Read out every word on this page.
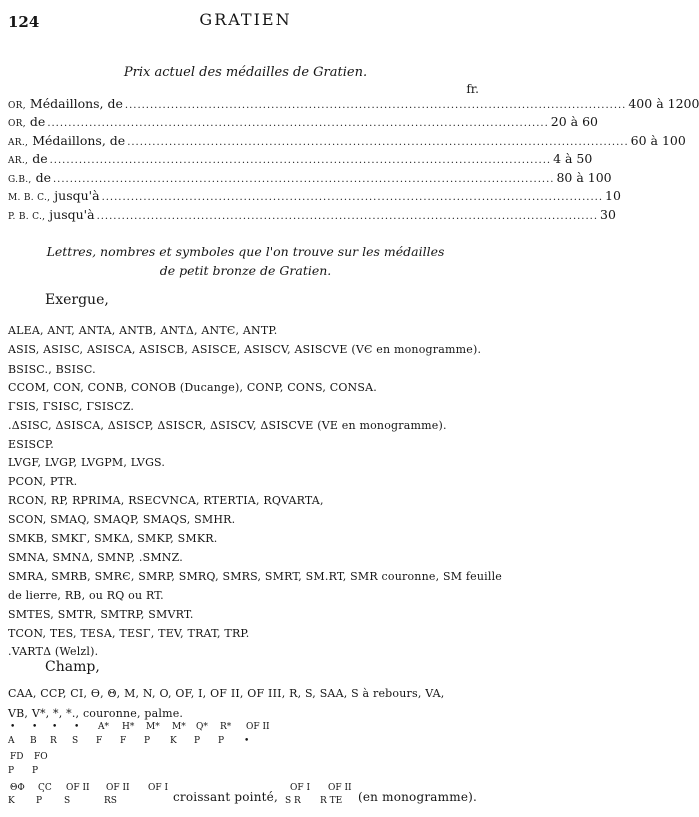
124	GRATIEN
Prix actuel des médailles de Gratien.
fr.
OR, Médaillons, de ........................................................................................................................ 400 à 1200
OR, de ........................................................................................................................ 20 à 60
AR., Médaillons, de ........................................................................................................................ 60 à 100
AR., de ........................................................................................................................ 4 à 50
G.B., de ........................................................................................................................ 80 à 100
M. B. C., jusqu'à ........................................................................................................................ 10
P. B. C., jusqu'à ........................................................................................................................ 30
Lettres, nombres et symboles que l'on trouve sur les médailles
de petit bronze de Gratien.
Exergue,
ALEA, ANT, ANTA, ANTB, ANTΔ, ANTЄ, ANTP.
ASIS, ASISC, ASISCA, ASISCB, ASISCE, ASISCV, ASISCVE (VЄ en monogramme).
BSISC., BSISC.
CCOM, CON, CONB, CONOB (Ducange), CONP, CONS, CONSA.
ΓSIS, ΓSISC, ΓSISCZ.
.ΔSISC, ΔSISCA, ΔSISCP, ΔSISCR, ΔSISCV, ΔSISCVE (VE en monogramme).
ESISCP.
LVGF, LVGP, LVGPM, LVGS.
PCON, PTR.
RCON, RP, RPRIMA, RSECVNCA, RTERTIA, RQVARTA,
SCON, SMAQ, SMAQP, SMAQS, SMHR.
SMKB, SMKΓ, SMKΔ, SMKP, SMKR.
SMNA, SMNΔ, SMNP, .SMNZ.
SMRA, SMRB, SMRЄ, SMRP, SMRQ, SMRS, SMRT, SM.RT, SMR couronne, SM feuille
de lierre, RB, ou RQ ou RT.
SMTES, SMTR, SMTRP, SMVRT.
TCON, TES, TESA, TESΓ, TEV, TRAT, TRP.
.VARTΔ (Welzl).
Champ,
CAA, CCP, CI, ϴ, Θ, M, N, O, OF, I, OF II, OF III, R, S, SAA, S à rebours, VA,
VB, V*, *, *., couronne, palme.
•
A
•
B
•
R
•
S
A*
F
H*
F
M*
P
M*
K
Q*
P
R*
P
OF II
•
FD
P
FO
P
ΘΦ
K
ϚC
P
OF II
S
OF II
RS
OF I
croissant pointé,
OF I
S R
OF II
R TE (en monogramme).
